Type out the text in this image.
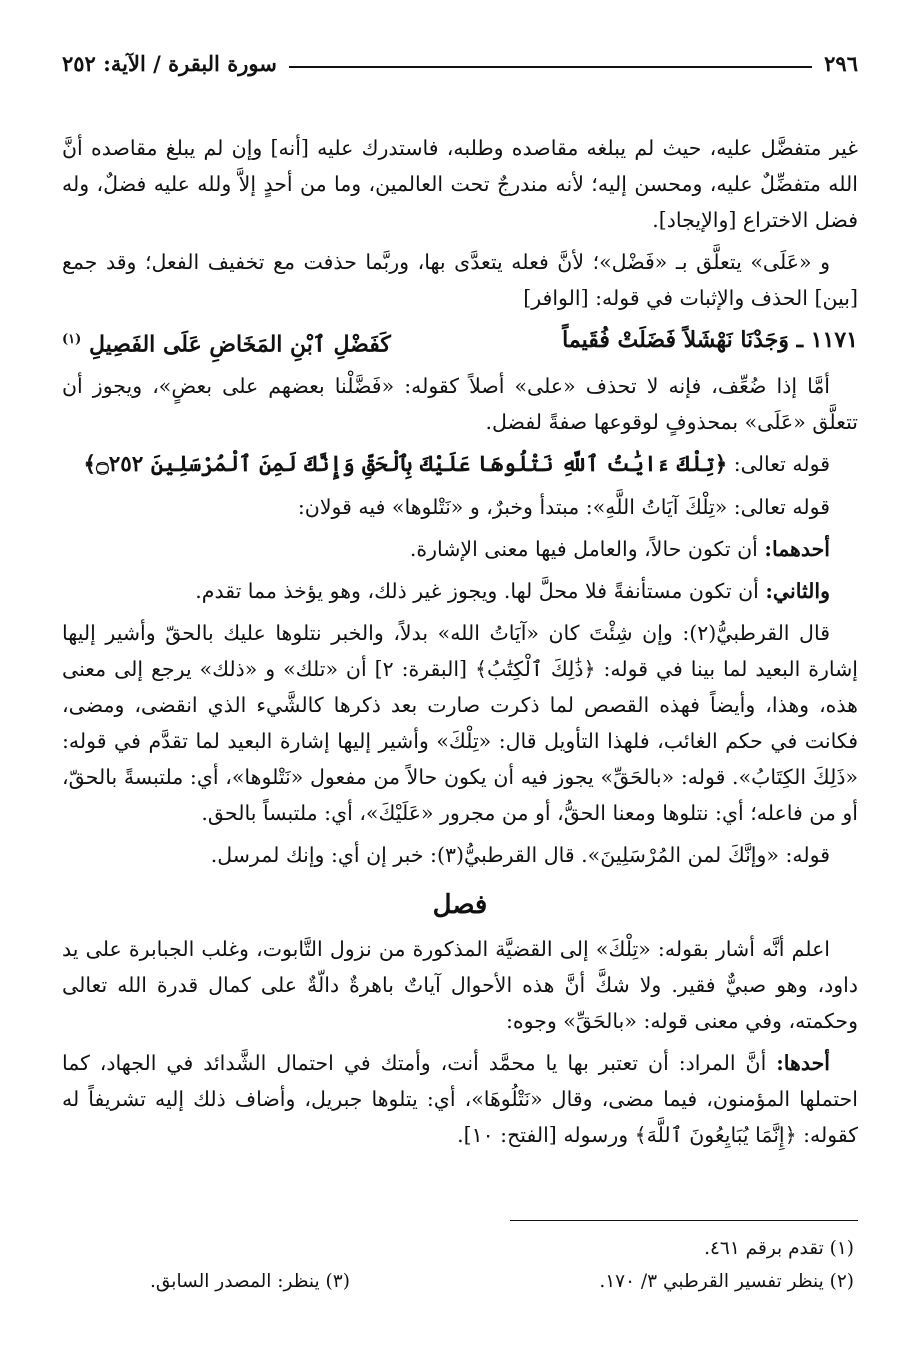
٢٩٦
سورة البقرة / الآية: ٢٥٢

غير متفضَّل عليه، حيث لم يبلغه مقاصده وطلبه، فاستدرك عليه [أنه] وإن لم يبلغ مقاصده أنَّ الله متفضِّلٌ عليه، ومحسن إليه؛ لأنه مندرجٌ تحت العالمين، وما من أحدٍ إلاَّ ولله عليه فضلٌ، وله فضل الاختراع [والإيجاد].

و «عَلَى» يتعلَّق بـ «فَضْل»؛ لأنَّ فعله يتعدَّى بها، وربَّما حذفت مع تخفيف الفعل؛ وقد جمع [بين] الحذف والإثبات في قوله: [الوافر]

١١٧١ ـ وَجَدْنَا نَهْشَلاً فَضَلَتْ فُقَيماً
كَفَضْلِ ٱبْنِ المَخَاضِ عَلَى الفَصِيلِ $^{(١)}$

أمَّا إذا ضُعِّف، فإنه لا تحذف «على» أصلاً كقوله: «فَضَّلْنا بعضهم على بعضٍ»، ويجوز أن تتعلَّق «عَلَى» بمحذوفٍ لوقوعها صفةً لفضل.

قوله تعالى: ﴿تِلْكَ ءَايَٰتُ ٱللَّهِ نَتْلُوهَا عَلَيْكَ بِٱلْحَقِّ وَإِنَّكَ لَمِنَ ٱلْمُرْسَلِينَ ۝٢٥٢﴾

قوله تعالى: «تِلْكَ آيَاتُ اللَّهِ»: مبتدأ وخبرٌ، و «نَتْلوها» فيه قولان:

أحدهما: أن تكون حالاً، والعامل فيها معنى الإشارة.

والثاني: أن تكون مستأنفةً فلا محلَّ لها. ويجوز غير ذلك، وهو يؤخذ مما تقدم.

قال القرطبيُّ(٢): وإن شِئْتَ كان «آيَاتُ الله» بدلاً، والخبر نتلوها عليك بالحقّ وأشير إليها إشارة البعيد لما بينا في قوله: ﴿ذَٰلِكَ ٱلْكِتَٰبُ﴾ [البقرة: ٢] أن «تلك» و «ذلك» يرجع إلى معنى هذه، وهذا، وأيضاً فهذه القصص لما ذكرت صارت بعد ذكرها كالشَّيء الذي انقضى، ومضى، فكانت في حكم الغائب، فلهذا التأويل قال: «تِلْكَ» وأشير إليها إشارة البعيد لما تقدَّم في قوله: «ذَلِكَ الكِتَابُ». قوله: «بالحَقِّ» يجوز فيه أن يكون حالاً من مفعول «نَتْلوها»، أي: ملتبسةً بالحقّ، أو من فاعله؛ أي: نتلوها ومعنا الحقُّ، أو من مجرور «عَلَيْكَ»، أي: ملتبساً بالحق.

قوله: «وإنَّكَ لمن المُرْسَلِينَ». قال القرطبيُّ(٣): خبر إن أي: وإنك لمرسل.

فصل

اعلم أنَّه أشار بقوله: «تِلْكَ» إلى القضيَّة المذكورة من نزول التَّابوت، وغلب الجبابرة على يد داود، وهو صبيٌّ فقير. ولا شكَّ أنَّ هذه الأحوال آياتٌ باهرةٌ دالّةٌ على كمال قدرة الله تعالى وحكمته، وفي معنى قوله: «بالحَقِّ» وجوه:

أحدها: أنَّ المراد: أن تعتبر بها يا محمَّد أنت، وأمتك في احتمال الشَّدائد في الجهاد، كما احتملها المؤمنون، فيما مضى، وقال «نَتْلُوهَا»، أي: يتلوها جبريل، وأضاف ذلك إليه تشريفاً له كقوله: ﴿إِنَّمَا يُبَايِعُونَ ٱللَّهَ﴾ ورسوله [الفتح: ١٠].

(١) تقدم برقم ٤٦١.
(٢) ينظر تفسير القرطبي ٣/ ١٧٠.
(٣) ينظر: المصدر السابق.
